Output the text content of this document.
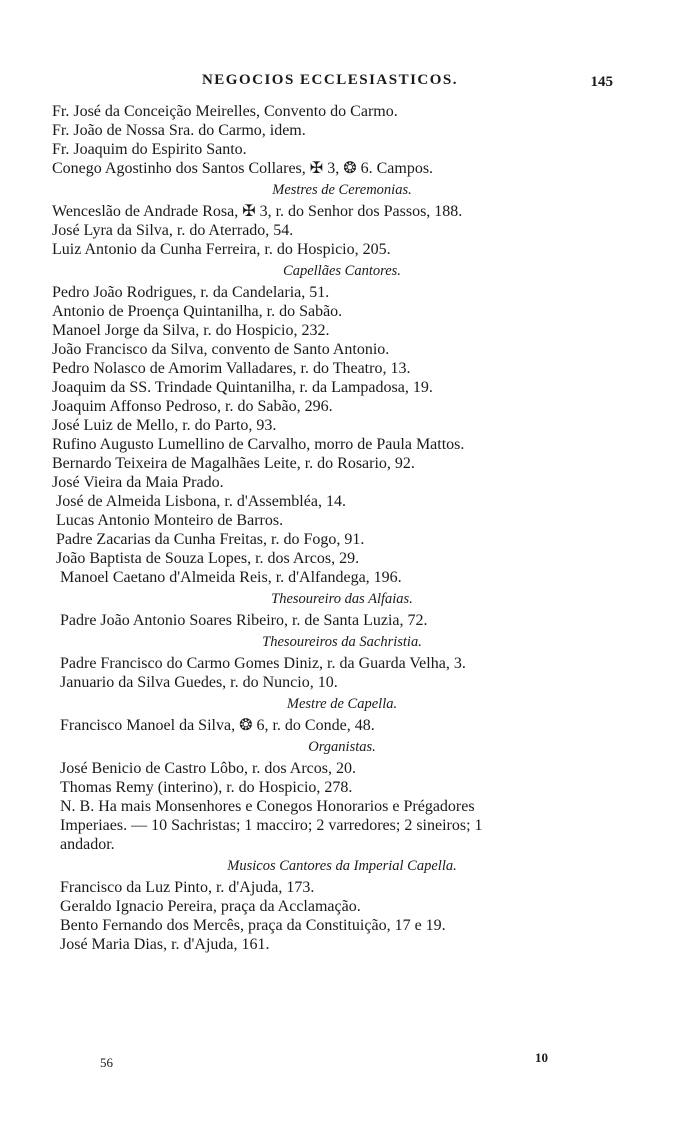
NEGOCIOS ECCLESIASTICOS.	145
Fr. José da Conceição Meirelles, Convento do Carmo.
Fr. João de Nossa Sra. do Carmo, idem.
Fr. Joaquim do Espirito Santo.
Conego Agostinho dos Santos Collares, ✠ 3, ❂ 6. Campos.
Mestres de Ceremonias.
Wenceslão de Andrade Rosa, ✠ 3, r. do Senhor dos Passos, 188.
José Lyra da Silva, r. do Aterrado, 54.
Luiz Antonio da Cunha Ferreira, r. do Hospicio, 205.
Capellães Cantores.
Pedro João Rodrigues, r. da Candelaria, 51.
Antonio de Proença Quintanilha, r. do Sabão.
Manoel Jorge da Silva, r. do Hospicio, 232.
João Francisco da Silva, convento de Santo Antonio.
Pedro Nolasco de Amorim Valladares, r. do Theatro, 13.
Joaquim da SS. Trindade Quintanilha, r. da Lampadosa, 19.
Joaquim Affonso Pedroso, r. do Sabão, 296.
José Luiz de Mello, r. do Parto, 93.
Rufino Augusto Lumellino de Carvalho, morro de Paula Mattos.
Bernardo Teixeira de Magalhães Leite, r. do Rosario, 92.
José Vieira da Maia Prado.
José de Almeida Lisbona, r. d'Assembléa, 14.
Lucas Antonio Monteiro de Barros.
Padre Zacarias da Cunha Freitas, r. do Fogo, 91.
João Baptista de Souza Lopes, r. dos Arcos, 29.
Manoel Caetano d'Almeida Reis, r. d'Alfandega, 196.
Thesoureiro das Alfaias.
Padre João Antonio Soares Ribeiro, r. de Santa Luzia, 72.
Thesoureiros da Sachristia.
Padre Francisco do Carmo Gomes Diniz, r. da Guarda Velha, 3.
Januario da Silva Guedes, r. do Nuncio, 10.
Mestre de Capella.
Francisco Manoel da Silva, ❂ 6, r. do Conde, 48.
Organistas.
José Benicio de Castro Lôbo, r. dos Arcos, 20.
Thomas Remy (interino), r. do Hospicio, 278.
N. B. Ha mais Monsenhores e Conegos Honorarios e Prégadores
Imperiaes. — 10 Sachristas; 1 macciro; 2 varredores; 2 sineiros; 1
andador.
Musicos Cantores da Imperial Capella.
Francisco da Luz Pinto, r. d'Ajuda, 173.
Geraldo Ignacio Pereira, praça da Acclamação.
Bento Fernando dos Mercês, praça da Constituição, 17 e 19.
José Maria Dias, r. d'Ajuda, 161.
56	10
